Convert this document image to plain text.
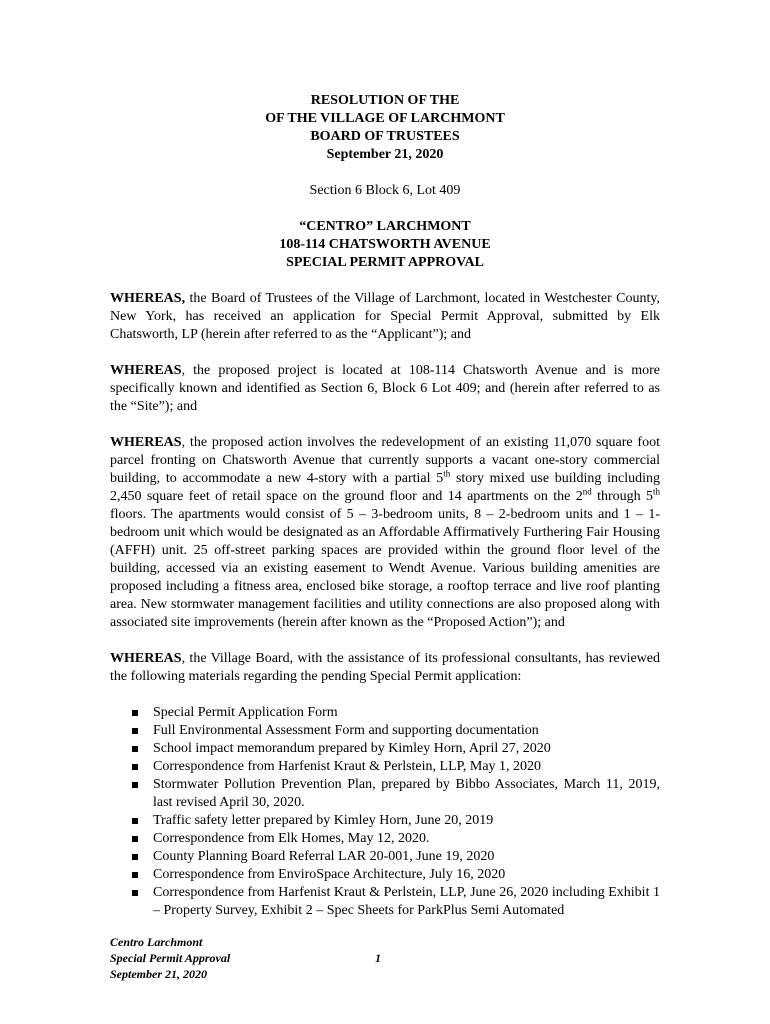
RESOLUTION OF THE
OF THE VILLAGE OF LARCHMONT
BOARD OF TRUSTEES
September 21, 2020
Section 6 Block 6, Lot 409
“CENTRO” LARCHMONT
108-114 CHATSWORTH AVENUE
SPECIAL PERMIT APPROVAL

WHEREAS, the Board of Trustees of the Village of Larchmont, located in Westchester County, New York, has received an application for Special Permit Approval, submitted by Elk Chatsworth, LP (herein after referred to as the “Applicant”); and

WHEREAS, the proposed project is located at 108-114 Chatsworth Avenue and is more specifically known and identified as Section 6, Block 6 Lot 409; and (herein after referred to as the “Site”); and

WHEREAS, the proposed action involves the redevelopment of an existing 11,070 square foot parcel fronting on Chatsworth Avenue that currently supports a vacant one-story commercial building, to accommodate a new 4-story with a partial 5th story mixed use building including 2,450 square feet of retail space on the ground floor and 14 apartments on the 2nd through 5th floors. The apartments would consist of 5 – 3-bedroom units, 8 – 2-bedroom units and 1 – 1-bedroom unit which would be designated as an Affordable Affirmatively Furthering Fair Housing (AFFH) unit. 25 off-street parking spaces are provided within the ground floor level of the building, accessed via an existing easement to Wendt Avenue. Various building amenities are proposed including a fitness area, enclosed bike storage, a rooftop terrace and live roof planting area. New stormwater management facilities and utility connections are also proposed along with associated site improvements (herein after known as the “Proposed Action”); and

WHEREAS, the Village Board, with the assistance of its professional consultants, has reviewed the following materials regarding the pending Special Permit application:

Special Permit Application Form
Full Environmental Assessment Form and supporting documentation
School impact memorandum prepared by Kimley Horn, April 27, 2020
Correspondence from Harfenist Kraut & Perlstein, LLP, May 1, 2020
Stormwater Pollution Prevention Plan, prepared by Bibbo Associates, March 11, 2019, last revised April 30, 2020.
Traffic safety letter prepared by Kimley Horn, June 20, 2019
Correspondence from Elk Homes, May 12, 2020.
County Planning Board Referral LAR 20-001, June 19, 2020
Correspondence from EnviroSpace Architecture, July 16, 2020
Correspondence from Harfenist Kraut & Perlstein, LLP, June 26, 2020 including Exhibit 1 – Property Survey, Exhibit 2 – Spec Sheets for ParkPlus Semi Automated
Centro Larchmont
Special Permit Approval
September 21, 2020
1
